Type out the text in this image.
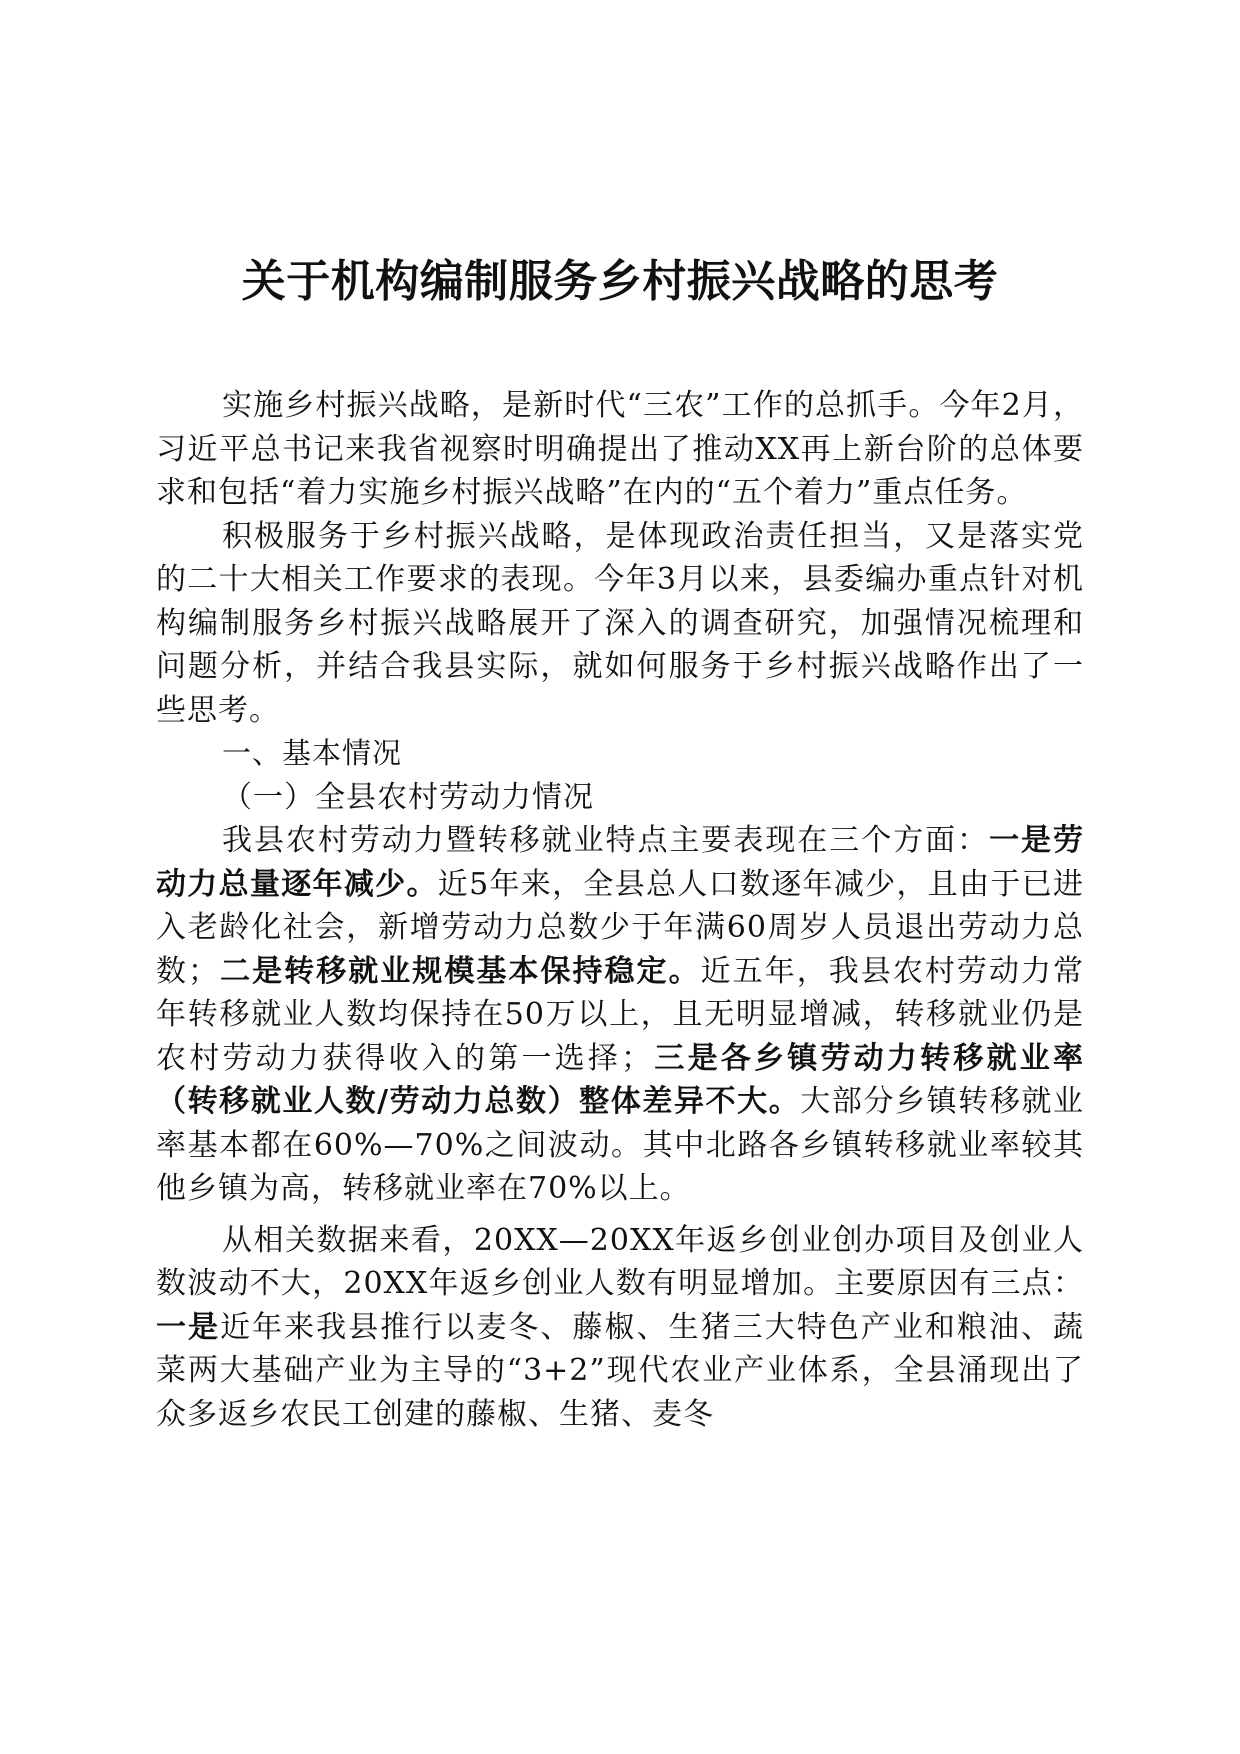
关于机构编制服务乡村振兴战略的思考

实施乡村振兴战略，是新时代“三农”工作的总抓手。今年2月，习近平总书记来我省视察时明确提出了推动XX再上新台阶的总体要求和包括“着力实施乡村振兴战略”在内的“五个着力”重点任务。

积极服务于乡村振兴战略，是体现政治责任担当，又是落实党的二十大相关工作要求的表现。今年3月以来，县委编办重点针对机构编制服务乡村振兴战略展开了深入的调查研究，加强情况梳理和问题分析，并结合我县实际，就如何服务于乡村振兴战略作出了一些思考。

一、基本情况

（一）全县农村劳动力情况

我县农村劳动力暨转移就业特点主要表现在三个方面：一是劳动力总量逐年减少。近5年来，全县总人口数逐年减少，且由于已进入老龄化社会，新增劳动力总数少于年满60周岁人员退出劳动力总数；二是转移就业规模基本保持稳定。近五年，我县农村劳动力常年转移就业人数均保持在50万以上，且无明显增减，转移就业仍是农村劳动力获得收入的第一选择；三是各乡镇劳动力转移就业率（转移就业人数/劳动力总数）整体差异不大。大部分乡镇转移就业率基本都在60%—70%之间波动。其中北路各乡镇转移就业率较其他乡镇为高，转移就业率在70%以上。

从相关数据来看，20XX—20XX年返乡创业创办项目及创业人数波动不大，20XX年返乡创业人数有明显增加。主要原因有三点：一是近年来我县推行以麦冬、藤椒、生猪三大特色产业和粮油、蔬菜两大基础产业为主导的“3+2”现代农业产业体系，全县涌现出了众多返乡农民工创建的藤椒、生猪、麦冬
